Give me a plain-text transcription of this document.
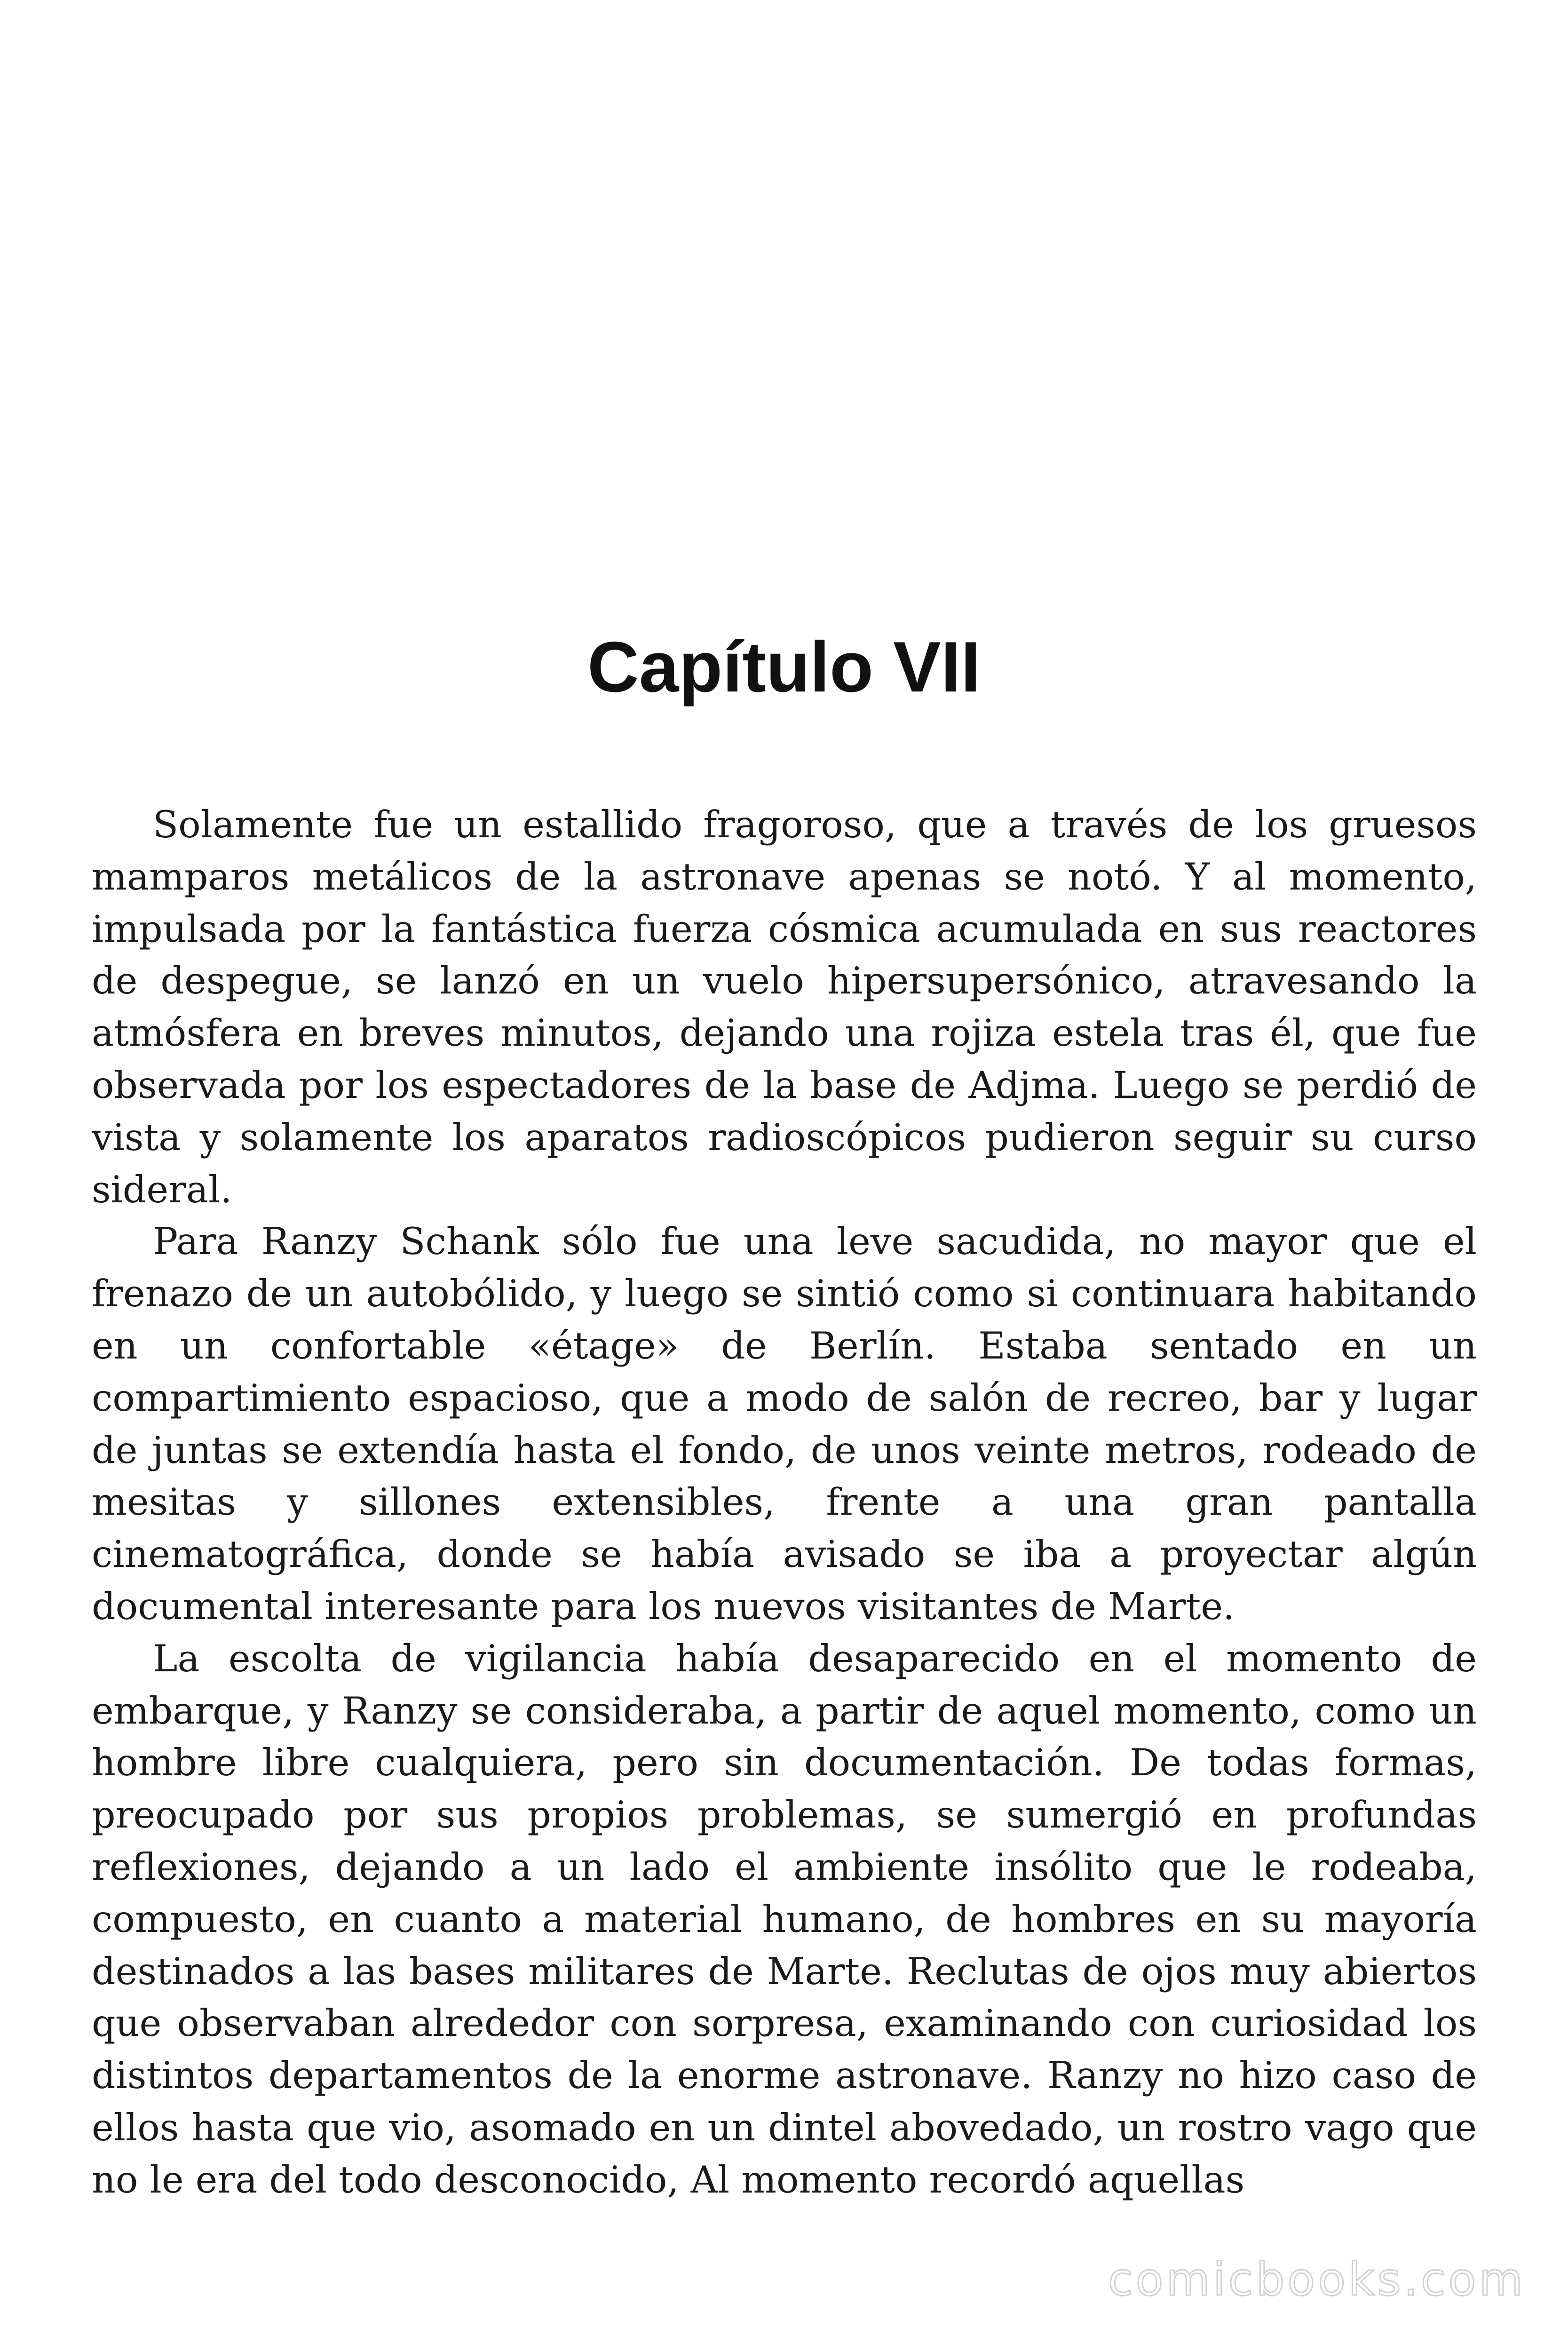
Capítulo VII

Solamente fue un estallido fragoroso, que a través de los gruesos mamparos metálicos de la astronave apenas se notó. Y al momento, impulsada por la fantástica fuerza cósmica acumulada en sus reactores de despegue, se lanzó en un vuelo hipersupersónico, atravesando la atmósfera en breves minutos, dejando una rojiza estela tras él, que fue observada por los espectadores de la base de Adjma. Luego se perdió de vista y solamente los aparatos radioscópicos pudieron seguir su curso sideral.

Para Ranzy Schank sólo fue una leve sacudida, no mayor que el frenazo de un autobólido, y luego se sintió como si continuara habitando en un confortable «étage» de Berlín. Estaba sentado en un compartimiento espacioso, que a modo de salón de recreo, bar y lugar de juntas se extendía hasta el fondo, de unos veinte metros, rodeado de mesitas y sillones extensibles, frente a una gran pantalla cinematográfica, donde se había avisado se iba a proyectar algún documental interesante para los nuevos visitantes de Marte.

La escolta de vigilancia había desaparecido en el momento de embarque, y Ranzy se consideraba, a partir de aquel momento, como un hombre libre cualquiera, pero sin documentación. De todas formas, preocupado por sus propios problemas, se sumergió en profundas reflexiones, dejando a un lado el ambiente insólito que le rodeaba, compuesto, en cuanto a material humano, de hombres en su mayoría destinados a las bases militares de Marte. Reclutas de ojos muy abiertos que observaban alrededor con sorpresa, examinando con curiosidad los distintos departamentos de la enorme astronave. Ranzy no hizo caso de ellos hasta que vio, asomado en un dintel abovedado, un rostro vago que no le era del todo desconocido, Al momento recordó aquellas

comicbooks.com
